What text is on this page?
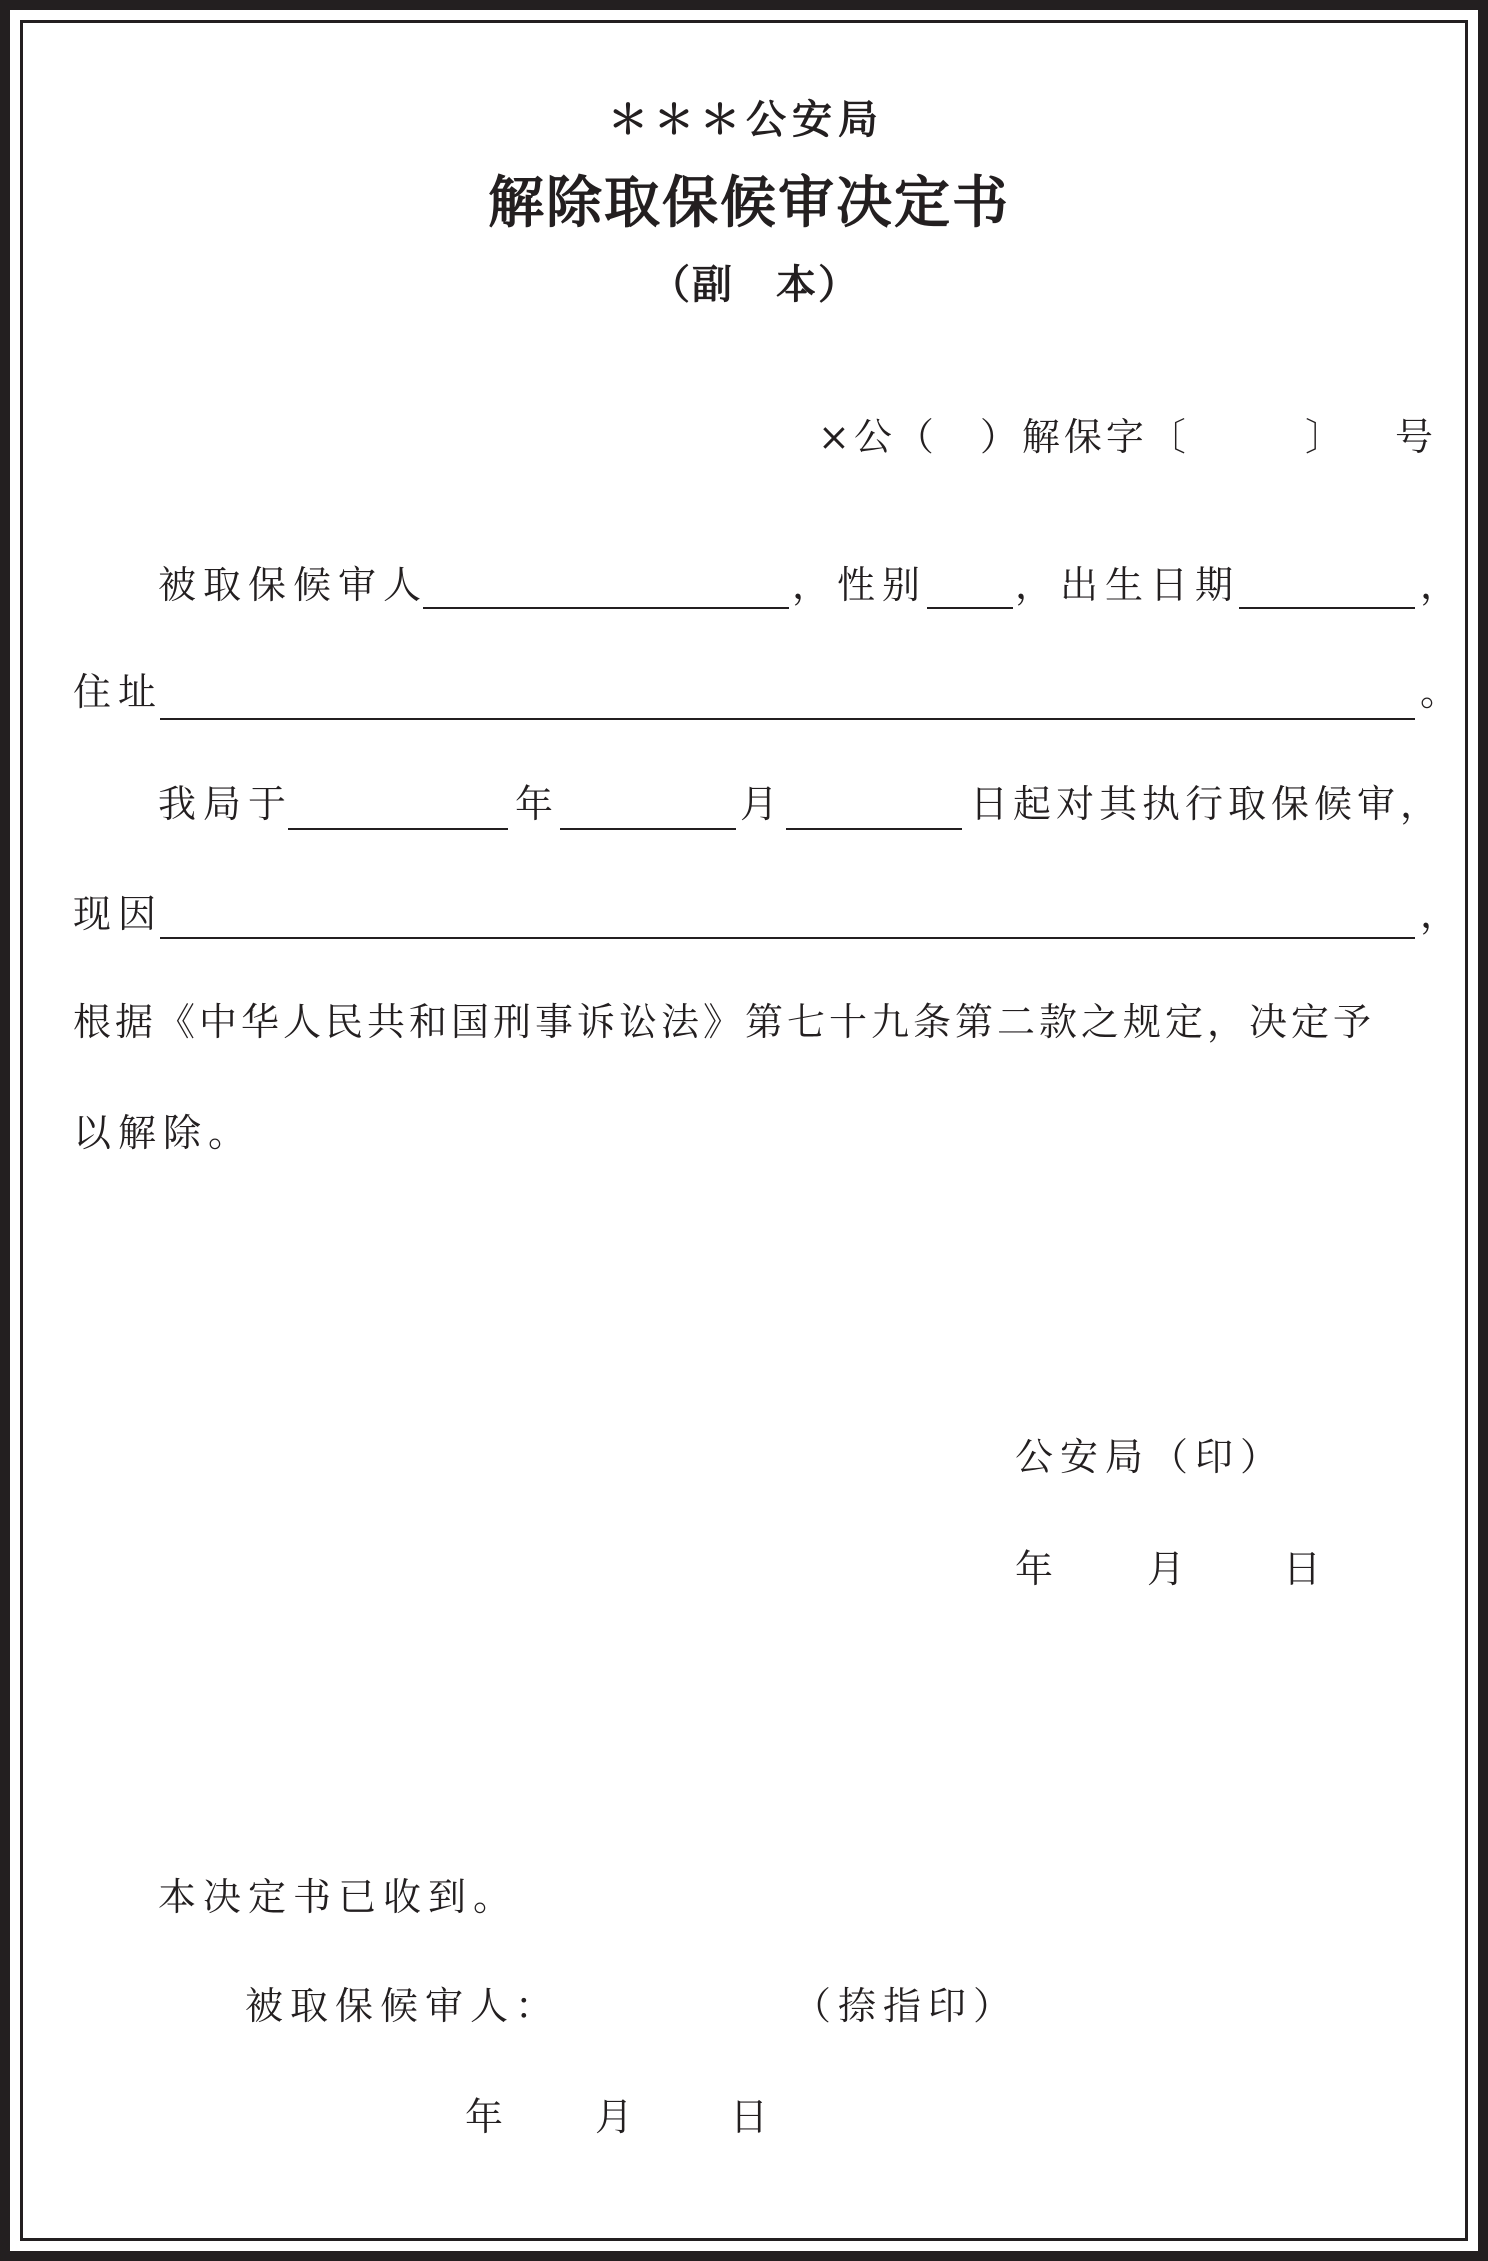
＊＊＊公安局
解除取保候审决定书
（副　本）
×公（　）解保字〔	〕 号
被取保候审人	，性别 ，出生日期	，
住址	。
我局于	年	月	日起对其执行取保候审，
现因	，
根据《中华人民共和国刑事诉讼法》第七十九条第二款之规定，决定予
以解除。
公安局（印）
年 月 日
本决定书已收到。
被取保候审人：	（捺指印）
年 月 日
